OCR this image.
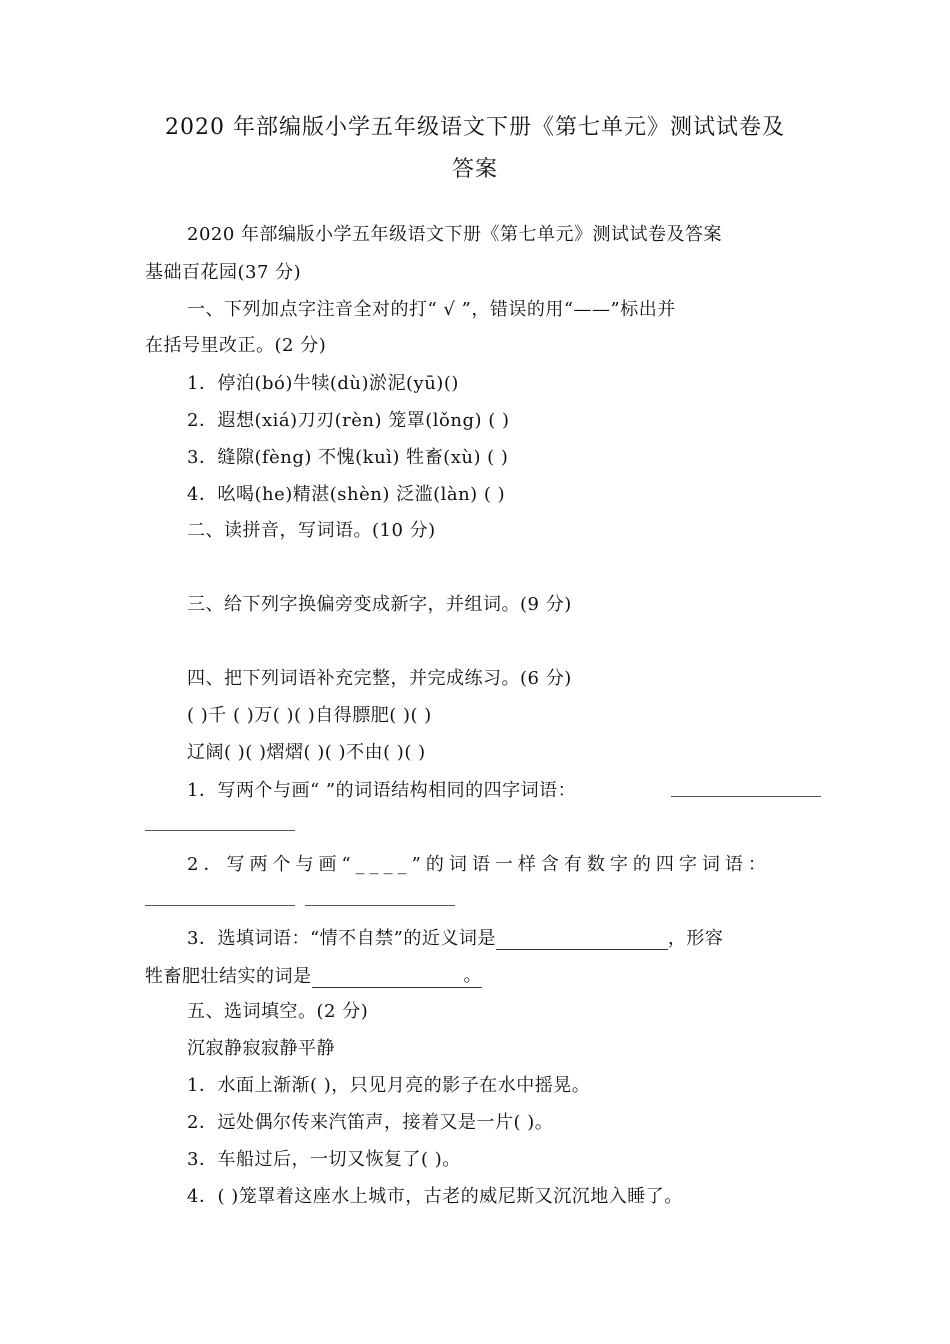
2020 年部编版小学五年级语文下册《第七单元》测试试卷及
答案
2020 年部编版小学五年级语文下册《第七单元》测试试卷及答案
基础百花园(37 分)
一、下列加点字注音全对的打“ √ ”，错误的用“——”标出并
在括号里改正。(2 分)
1．停泊(bó)牛犊(dù)淤泥(yū)()
2．遐想(xiá)刀刃(rèn) 笼罩(lǒng) ( )
3．缝隙(fèng) 不愧(kuì) 牲畜(xù) ( )
4．吆喝(he)精湛(shèn) 泛滥(làn) ( )
二、读拼音，写词语。(10 分)
三、给下列字换偏旁变成新字，并组词。(9 分)
四、把下列词语补充完整，并完成练习。(6 分)
( )千 ( )万( )( )自得膘肥( )( )
辽阔( )( )熠熠( )( )不由( )( )
1．写两个与画“ ”的词语结构相同的四字词语：
2．写两个与画“____”的词语一样含有数字的四字词语：
3．选填词语：“情不自禁”的近义词是	，形容
牲畜肥壮结实的词是	。
五、选词填空。(2 分)
沉寂静寂寂静平静
1．水面上渐渐( )，只见月亮的影子在水中摇晃。
2．远处偶尔传来汽笛声，接着又是一片( )。
3．车船过后，一切又恢复了( )。
4．( )笼罩着这座水上城市，古老的威尼斯又沉沉地入睡了。
